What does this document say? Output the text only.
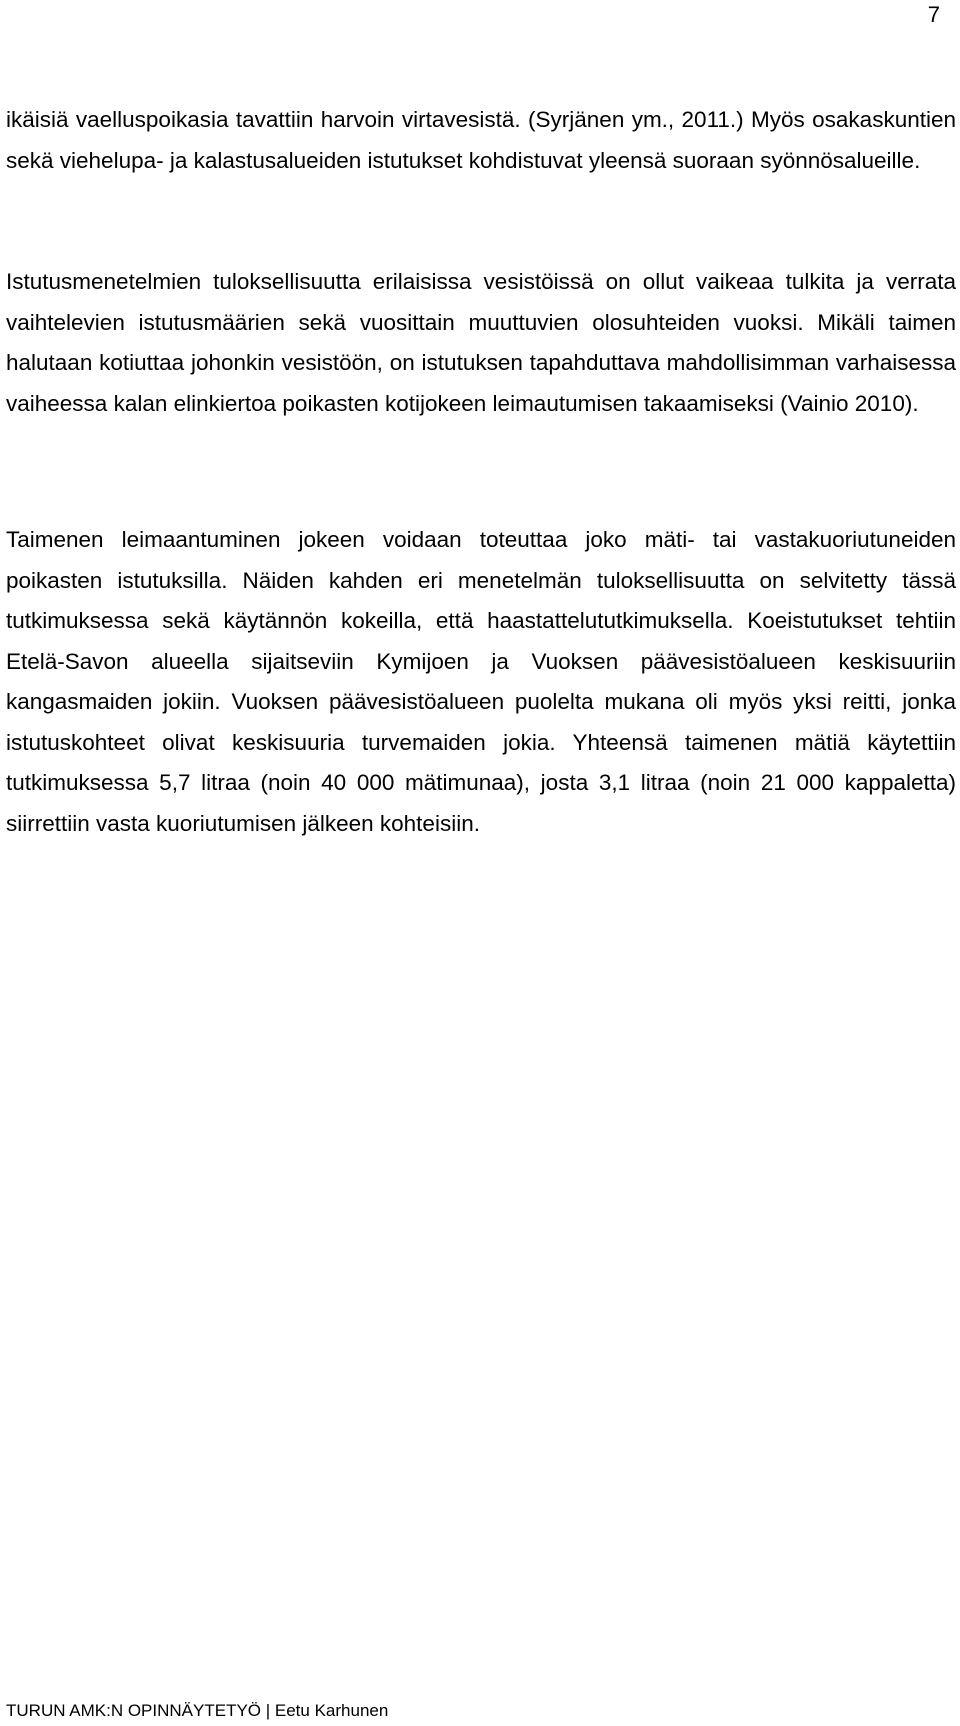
7

ikäisiä vaelluspoikasia tavattiin harvoin virtavesistä. (Syrjänen ym., 2011.) Myös osakaskuntien sekä viehelupa- ja kalastusalueiden istutukset kohdistuvat yleensä suoraan syönnösalueille.

Istutusmenetelmien tuloksellisuutta erilaisissa vesistöissä on ollut vaikeaa tulkita ja verrata vaihtelevien istutusmäärien sekä vuosittain muuttuvien olosuhteiden vuoksi. Mikäli taimen halutaan kotiuttaa johonkin vesistöön, on istutuksen tapahduttava mahdollisimman varhaisessa vaiheessa kalan elinkiertoa poikasten kotijokeen leimautumisen takaamiseksi (Vainio 2010).

Taimenen leimaantuminen jokeen voidaan toteuttaa joko mäti- tai vastakuoriutuneiden poikasten istutuksilla. Näiden kahden eri menetelmän tuloksellisuutta on selvitetty tässä tutkimuksessa sekä käytännön kokeilla, että haastattelututkimuksella. Koeistutukset tehtiin Etelä-Savon alueella sijaitseviin Kymijoen ja Vuoksen päävesistöalueen keskisuuriin kangasmaiden jokiin. Vuoksen päävesistöalueen puolelta mukana oli myös yksi reitti, jonka istutuskohteet olivat keskisuuria turvemaiden jokia. Yhteensä taimenen mätiä käytettiin tutkimuksessa 5,7 litraa (noin 40 000 mätimunaa), josta 3,1 litraa (noin 21 000 kappaletta) siirrettiin vasta kuoriutumisen jälkeen kohteisiin.

TURUN AMK:N OPINNÄYTETYÖ | Eetu Karhunen
